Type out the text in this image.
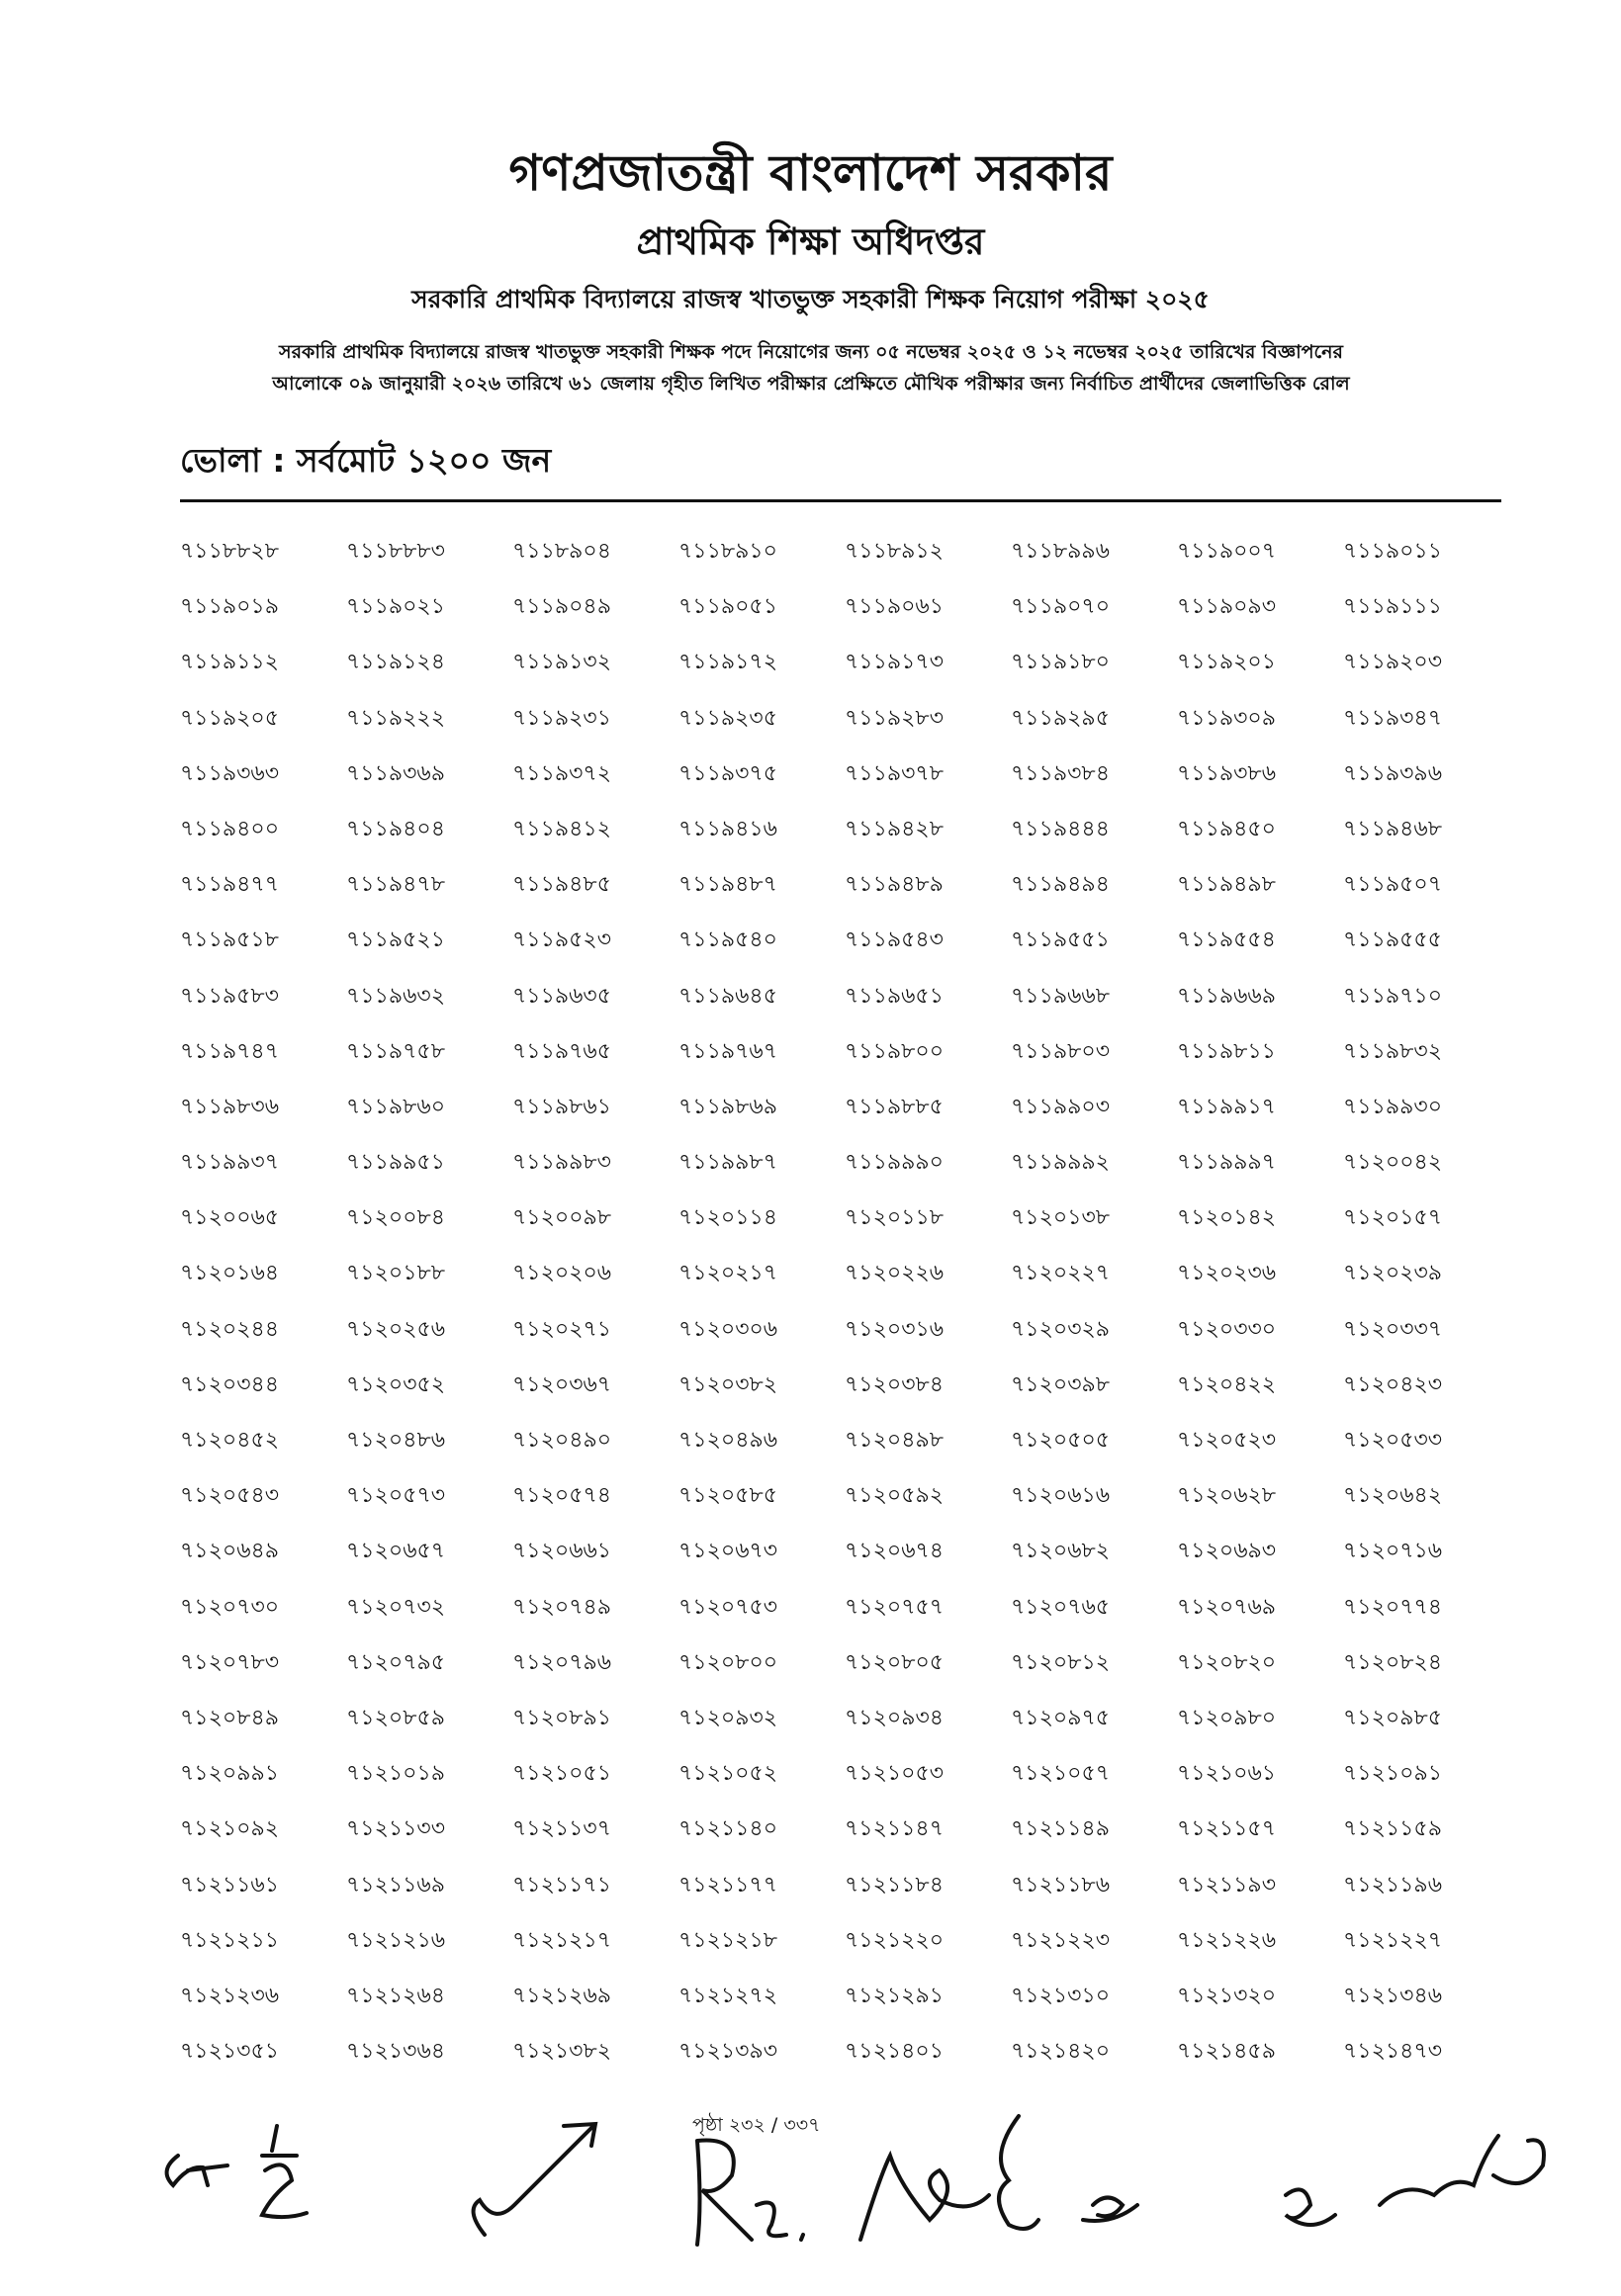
গণপ্রজাতন্ত্রী বাংলাদেশ সরকার
প্রাথমিক শিক্ষা অধিদপ্তর
সরকারি প্রাথমিক বিদ্যালয়ে রাজস্ব খাতভুক্ত সহকারী শিক্ষক নিয়োগ পরীক্ষা ২০২৫
সরকারি প্রাথমিক বিদ্যালয়ে রাজস্ব খাতভুক্ত সহকারী শিক্ষক পদে নিয়োগের জন্য ০৫ নভেম্বর ২০২৫ ও ১২ নভেম্বর ২০২৫ তারিখের বিজ্ঞাপনের
আলোকে ০৯ জানুয়ারী ২০২৬ তারিখে ৬১ জেলায় গৃহীত লিখিত পরীক্ষার প্রেক্ষিতে মৌখিক পরীক্ষার জন্য নির্বাচিত প্রার্থীদের জেলাভিত্তিক রোল
ভোলা : সর্বমোট ১২০০ জন
৭১১৮৮২৮	৭১১৮৮৮৩	৭১১৮৯০৪	৭১১৮৯১০	৭১১৮৯১২	৭১১৮৯৯৬	৭১১৯০০৭	৭১১৯০১১
৭১১৯০১৯	৭১১৯০২১	৭১১৯০৪৯	৭১১৯০৫১	৭১১৯০৬১	৭১১৯০৭০	৭১১৯০৯৩	৭১১৯১১১
৭১১৯১১২	৭১১৯১২৪	৭১১৯১৩২	৭১১৯১৭২	৭১১৯১৭৩	৭১১৯১৮০	৭১১৯২০১	৭১১৯২০৩
৭১১৯২০৫	৭১১৯২২২	৭১১৯২৩১	৭১১৯২৩৫	৭১১৯২৮৩	৭১১৯২৯৫	৭১১৯৩০৯	৭১১৯৩৪৭
৭১১৯৩৬৩	৭১১৯৩৬৯	৭১১৯৩৭২	৭১১৯৩৭৫	৭১১৯৩৭৮	৭১১৯৩৮৪	৭১১৯৩৮৬	৭১১৯৩৯৬
৭১১৯৪০০	৭১১৯৪০৪	৭১১৯৪১২	৭১১৯৪১৬	৭১১৯৪২৮	৭১১৯৪৪৪	৭১১৯৪৫০	৭১১৯৪৬৮
৭১১৯৪৭৭	৭১১৯৪৭৮	৭১১৯৪৮৫	৭১১৯৪৮৭	৭১১৯৪৮৯	৭১১৯৪৯৪	৭১১৯৪৯৮	৭১১৯৫০৭
৭১১৯৫১৮	৭১১৯৫২১	৭১১৯৫২৩	৭১১৯৫৪০	৭১১৯৫৪৩	৭১১৯৫৫১	৭১১৯৫৫৪	৭১১৯৫৫৫
৭১১৯৫৮৩	৭১১৯৬৩২	৭১১৯৬৩৫	৭১১৯৬৪৫	৭১১৯৬৫১	৭১১৯৬৬৮	৭১১৯৬৬৯	৭১১৯৭১০
৭১১৯৭৪৭	৭১১৯৭৫৮	৭১১৯৭৬৫	৭১১৯৭৬৭	৭১১৯৮০০	৭১১৯৮০৩	৭১১৯৮১১	৭১১৯৮৩২
৭১১৯৮৩৬	৭১১৯৮৬০	৭১১৯৮৬১	৭১১৯৮৬৯	৭১১৯৮৮৫	৭১১৯৯০৩	৭১১৯৯১৭	৭১১৯৯৩০
৭১১৯৯৩৭	৭১১৯৯৫১	৭১১৯৯৮৩	৭১১৯৯৮৭	৭১১৯৯৯০	৭১১৯৯৯২	৭১১৯৯৯৭	৭১২০০৪২
৭১২০০৬৫	৭১২০০৮৪	৭১২০০৯৮	৭১২০১১৪	৭১২০১১৮	৭১২০১৩৮	৭১২০১৪২	৭১২০১৫৭
৭১২০১৬৪	৭১২০১৮৮	৭১২০২০৬	৭১২০২১৭	৭১২০২২৬	৭১২০২২৭	৭১২০২৩৬	৭১২০২৩৯
৭১২০২৪৪	৭১২০২৫৬	৭১২০২৭১	৭১২০৩০৬	৭১২০৩১৬	৭১২০৩২৯	৭১২০৩৩০	৭১২০৩৩৭
৭১২০৩৪৪	৭১২০৩৫২	৭১২০৩৬৭	৭১২০৩৮২	৭১২০৩৮৪	৭১২০৩৯৮	৭১২০৪২২	৭১২০৪২৩
৭১২০৪৫২	৭১২০৪৮৬	৭১২০৪৯০	৭১২০৪৯৬	৭১২০৪৯৮	৭১২০৫০৫	৭১২০৫২৩	৭১২০৫৩৩
৭১২০৫৪৩	৭১২০৫৭৩	৭১২০৫৭৪	৭১২০৫৮৫	৭১২০৫৯২	৭১২০৬১৬	৭১২০৬২৮	৭১২০৬৪২
৭১২০৬৪৯	৭১২০৬৫৭	৭১২০৬৬১	৭১২০৬৭৩	৭১২০৬৭৪	৭১২০৬৮২	৭১২০৬৯৩	৭১২০৭১৬
৭১২০৭৩০	৭১২০৭৩২	৭১২০৭৪৯	৭১২০৭৫৩	৭১২০৭৫৭	৭১২০৭৬৫	৭১২০৭৬৯	৭১২০৭৭৪
৭১২০৭৮৩	৭১২০৭৯৫	৭১২০৭৯৬	৭১২০৮০০	৭১২০৮০৫	৭১২০৮১২	৭১২০৮২০	৭১২০৮২৪
৭১২০৮৪৯	৭১২০৮৫৯	৭১২০৮৯১	৭১২০৯৩২	৭১২০৯৩৪	৭১২০৯৭৫	৭১২০৯৮০	৭১২০৯৮৫
৭১২০৯৯১	৭১২১০১৯	৭১২১০৫১	৭১২১০৫২	৭১২১০৫৩	৭১২১০৫৭	৭১২১০৬১	৭১২১০৯১
৭১২১০৯২	৭১২১১৩৩	৭১২১১৩৭	৭১২১১৪০	৭১২১১৪৭	৭১২১১৪৯	৭১২১১৫৭	৭১২১১৫৯
৭১২১১৬১	৭১২১১৬৯	৭১২১১৭১	৭১২১১৭৭	৭১২১১৮৪	৭১২১১৮৬	৭১২১১৯৩	৭১২১১৯৬
৭১২১২১১	৭১২১২১৬	৭১২১২১৭	৭১২১২১৮	৭১২১২২০	৭১২১২২৩	৭১২১২২৬	৭১২১২২৭
৭১২১২৩৬	৭১২১২৬৪	৭১২১২৬৯	৭১২১২৭২	৭১২১২৯১	৭১২১৩১০	৭১২১৩২০	৭১২১৩৪৬
৭১২১৩৫১	৭১২১৩৬৪	৭১২১৩৮২	৭১২১৩৯৩	৭১২১৪০১	৭১২১৪২০	৭১২১৪৫৯	৭১২১৪৭৩
পৃষ্ঠা ২৩২ / ৩৩৭
